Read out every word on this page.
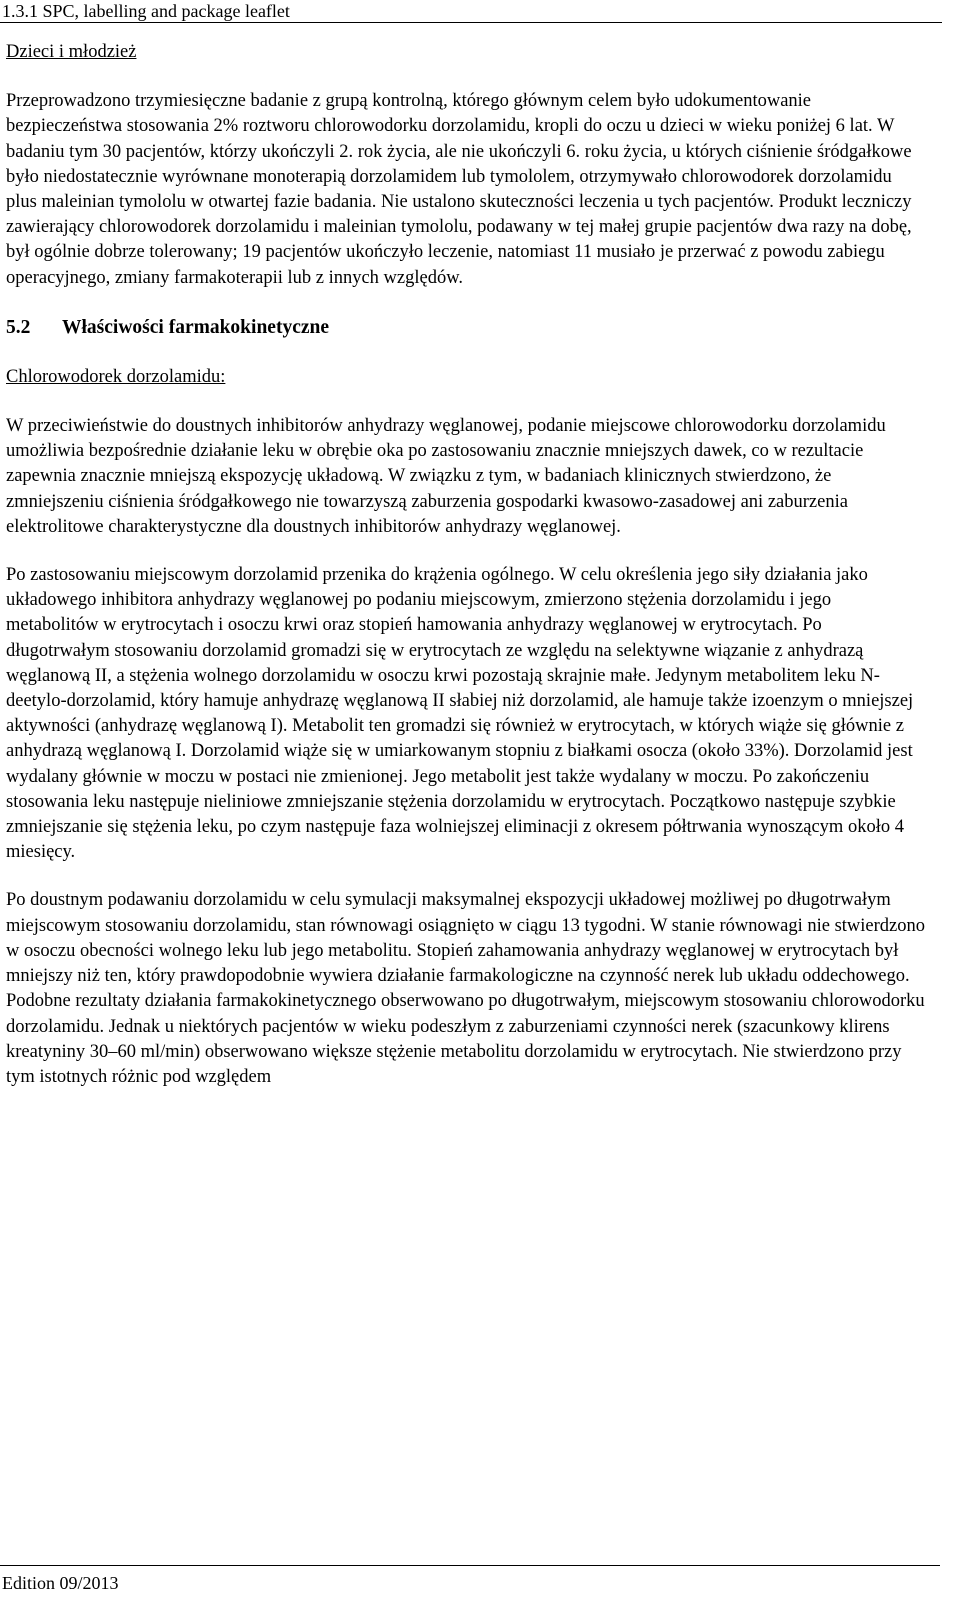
1.3.1 SPC, labelling and package leaflet

Dzieci i młodzież

Przeprowadzono trzymiesięczne badanie z grupą kontrolną, którego głównym celem było udokumentowanie bezpieczeństwa stosowania 2% roztworu chlorowodorku dorzolamidu, kropli do oczu u dzieci w wieku poniżej 6 lat. W badaniu tym 30 pacjentów, którzy ukończyli 2. rok życia, ale nie ukończyli 6. roku życia, u których ciśnienie śródgałkowe było niedostatecznie wyrównane monoterapią dorzolamidem lub tymololem, otrzymywało chlorowodorek dorzolamidu plus maleinian tymololu w otwartej fazie badania. Nie ustalono skuteczności leczenia u tych pacjentów. Produkt leczniczy zawierający chlorowodorek dorzolamidu i maleinian tymololu, podawany w tej małej grupie pacjentów dwa razy na dobę, był ogólnie dobrze tolerowany; 19 pacjentów ukończyło leczenie, natomiast 11 musiało je przerwać z powodu zabiegu operacyjnego, zmiany farmakoterapii lub z innych względów.

5.2 Właściwości farmakokinetyczne

Chlorowodorek dorzolamidu:

W przeciwieństwie do doustnych inhibitorów anhydrazy węglanowej, podanie miejscowe chlorowodorku dorzolamidu umożliwia bezpośrednie działanie leku w obrębie oka po zastosowaniu znacznie mniejszych dawek, co w rezultacie zapewnia znacznie mniejszą ekspozycję układową. W związku z tym, w badaniach klinicznych stwierdzono, że zmniejszeniu ciśnienia śródgałkowego nie towarzyszą zaburzenia gospodarki kwasowo-zasadowej ani zaburzenia elektrolitowe charakterystyczne dla doustnych inhibitorów anhydrazy węglanowej.

Po zastosowaniu miejscowym dorzolamid przenika do krążenia ogólnego. W celu określenia jego siły działania jako układowego inhibitora anhydrazy węglanowej po podaniu miejscowym, zmierzono stężenia dorzolamidu i jego metabolitów w erytrocytach i osoczu krwi oraz stopień hamowania anhydrazy węglanowej w erytrocytach. Po długotrwałym stosowaniu dorzolamid gromadzi się w erytrocytach ze względu na selektywne wiązanie z anhydrazą węglanową II, a stężenia wolnego dorzolamidu w osoczu krwi pozostają skrajnie małe. Jedynym metabolitem leku N-deetylo-dorzolamid, który hamuje anhydrazę węglanową II słabiej niż dorzolamid, ale hamuje także izoenzym o mniejszej aktywności (anhydrazę węglanową I). Metabolit ten gromadzi się również w erytrocytach, w których wiąże się głównie z anhydrazą węglanową I. Dorzolamid wiąże się w umiarkowanym stopniu z białkami osocza (około 33%). Dorzolamid jest wydalany głównie w moczu w postaci nie zmienionej. Jego metabolit jest także wydalany w moczu. Po zakończeniu stosowania leku następuje nieliniowe zmniejszanie stężenia dorzolamidu w erytrocytach. Początkowo następuje szybkie zmniejszanie się stężenia leku, po czym następuje faza wolniejszej eliminacji z okresem półtrwania wynoszącym około 4 miesięcy.

Po doustnym podawaniu dorzolamidu w celu symulacji maksymalnej ekspozycji układowej możliwej po długotrwałym miejscowym stosowaniu dorzolamidu, stan równowagi osiągnięto w ciągu 13 tygodni. W stanie równowagi nie stwierdzono w osoczu obecności wolnego leku lub jego metabolitu. Stopień zahamowania anhydrazy węglanowej w erytrocytach był mniejszy niż ten, który prawdopodobnie wywiera działanie farmakologiczne na czynność nerek lub układu oddechowego. Podobne rezultaty działania farmakokinetycznego obserwowano po długotrwałym, miejscowym stosowaniu chlorowodorku dorzolamidu. Jednak u niektórych pacjentów w wieku podeszłym z zaburzeniami czynności nerek (szacunkowy klirens kreatyniny 30–60 ml/min) obserwowano większe stężenie metabolitu dorzolamidu w erytrocytach. Nie stwierdzono przy tym istotnych różnic pod względem

Edition 09/2013
